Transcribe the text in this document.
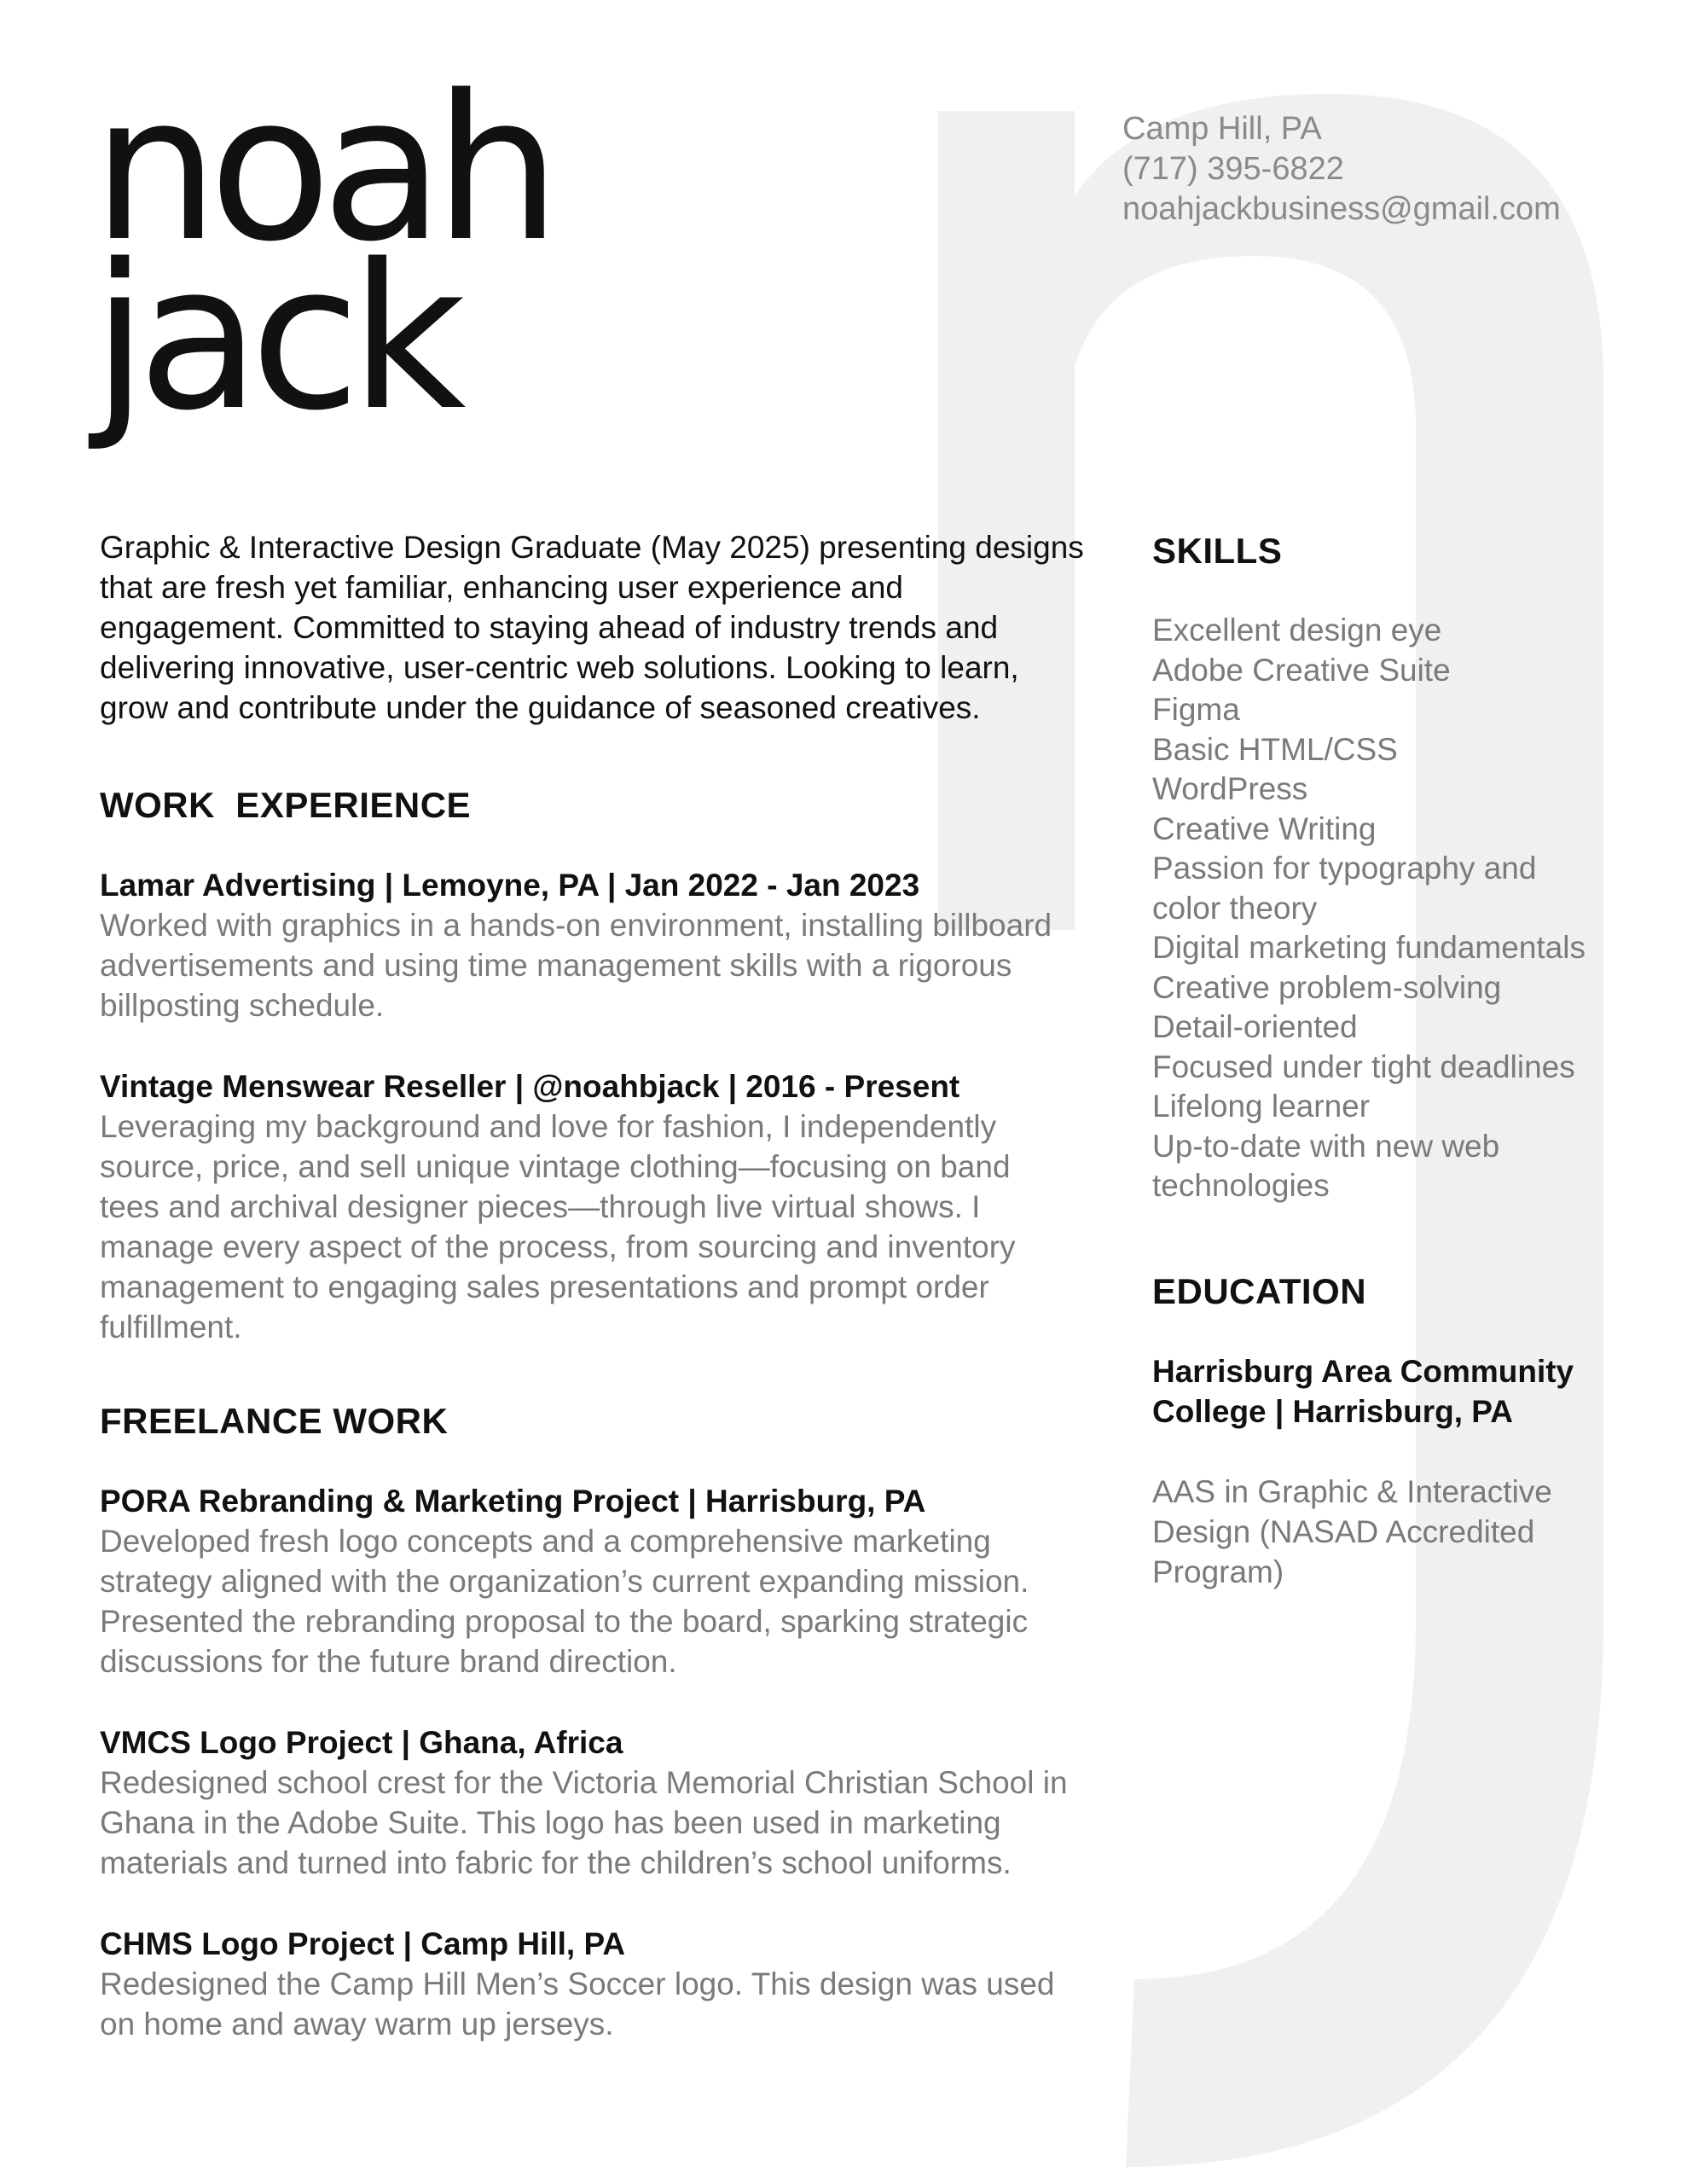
noah
jack
Camp Hill, PA
(717) 395-6822
noahjackbusiness@gmail.com
Graphic & Interactive Design Graduate (May 2025) presenting designs that are fresh yet familiar, enhancing user experience and engagement. Committed to staying ahead of industry trends and delivering innovative, user-centric web solutions. Looking to learn, grow and contribute under the guidance of seasoned creatives.
WORK  EXPERIENCE
Lamar Advertising | Lemoyne, PA | Jan 2022 - Jan 2023
Worked with graphics in a hands-on environment, installing billboard advertisements and using time management skills with a rigorous billposting schedule.
Vintage Menswear Reseller | @noahbjack | 2016 - Present
Leveraging my background and love for fashion, I independently source, price, and sell unique vintage clothing—focusing on band tees and archival designer pieces—through live virtual shows. I manage every aspect of the process, from sourcing and inventory management to engaging sales presentations and prompt order fulfillment.
FREELANCE WORK
PORA Rebranding & Marketing Project | Harrisburg, PA
Developed fresh logo concepts and a comprehensive marketing strategy aligned with the organization’s current expanding mission. Presented the rebranding proposal to the board, sparking strategic discussions for the future brand direction.
VMCS Logo Project | Ghana, Africa
Redesigned school crest for the Victoria Memorial Christian School in Ghana in the Adobe Suite. This logo has been used in marketing materials and turned into fabric for the children’s school uniforms.
CHMS Logo Project | Camp Hill, PA
Redesigned the Camp Hill Men’s Soccer logo. This design was used on home and away warm up jerseys.
SKILLS
Excellent design eye
Adobe Creative Suite
Figma
Basic HTML/CSS
WordPress
Creative Writing
Passion for typography and
color theory
Digital marketing fundamentals
Creative problem-solving
Detail-oriented
Focused under tight deadlines
Lifelong learner
Up-to-date with new web
technologies
EDUCATION
Harrisburg Area Community College | Harrisburg, PA
AAS in Graphic & Interactive Design (NASAD Accredited Program)
